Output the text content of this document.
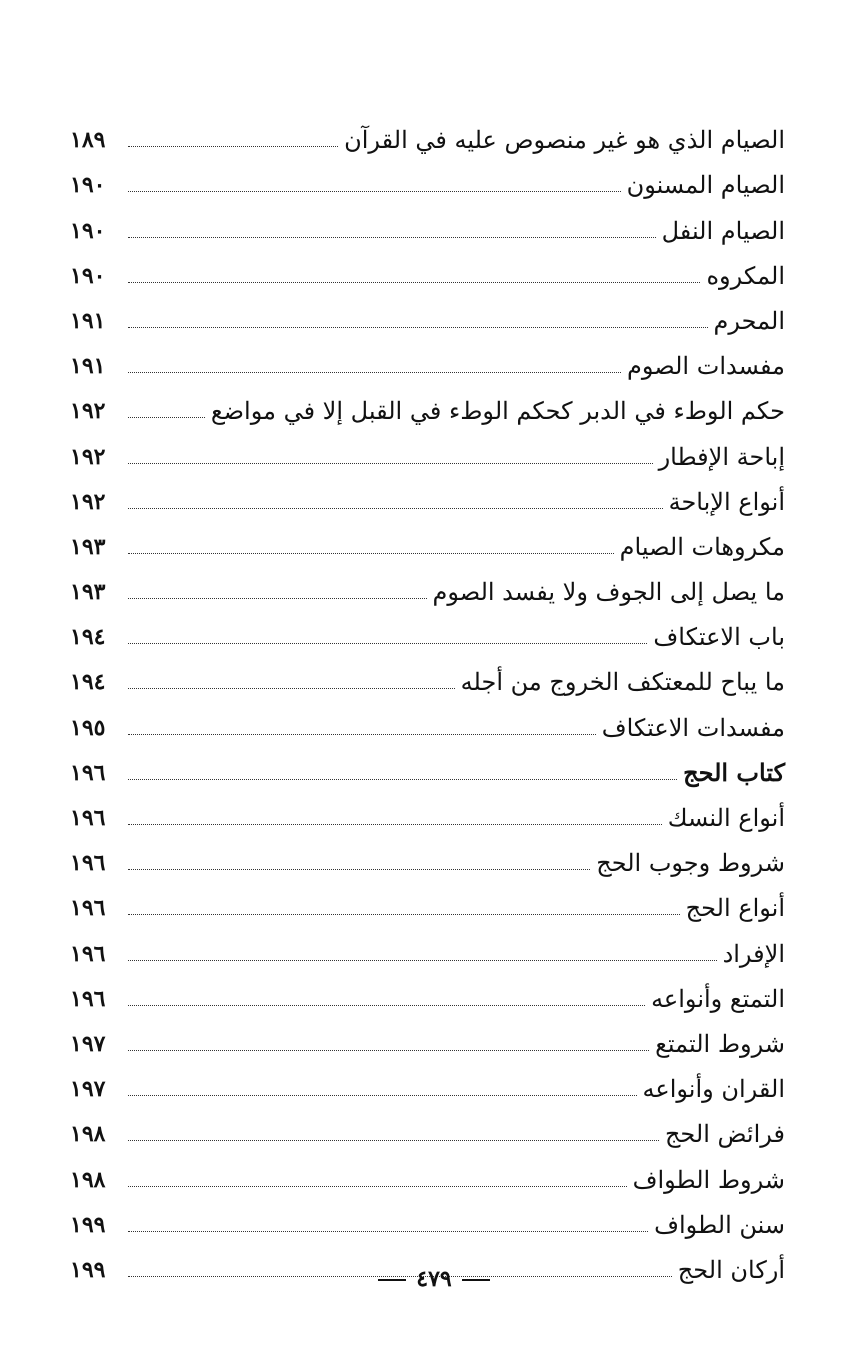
١٨٩	الصيام الذي هو غير منصوص عليه في القرآن
١٩٠	الصيام المسنون
١٩٠	الصيام النفل
١٩٠	المكروه
١٩١	المحرم
١٩١	مفسدات الصوم
١٩٢	حكم الوطء في الدبر كحكم الوطء في القبل إلا في مواضع
١٩٢	إباحة الإفطار
١٩٢	أنواع الإباحة
١٩٣	مكروهات الصيام
١٩٣	ما يصل إلى الجوف ولا يفسد الصوم
١٩٤	باب الاعتكاف
١٩٤	ما يباح للمعتكف الخروج من أجله
١٩٥	مفسدات الاعتكاف
١٩٦	كتاب الحج
١٩٦	أنواع النسك
١٩٦	شروط وجوب الحج
١٩٦	أنواع الحج
١٩٦	الإفراد
١٩٦	التمتع وأنواعه
١٩٧	شروط التمتع
١٩٧	القران وأنواعه
١٩٨	فرائض الحج
١٩٨	شروط الطواف
١٩٩	سنن الطواف
١٩٩	أركان الحج
٤٧٩
